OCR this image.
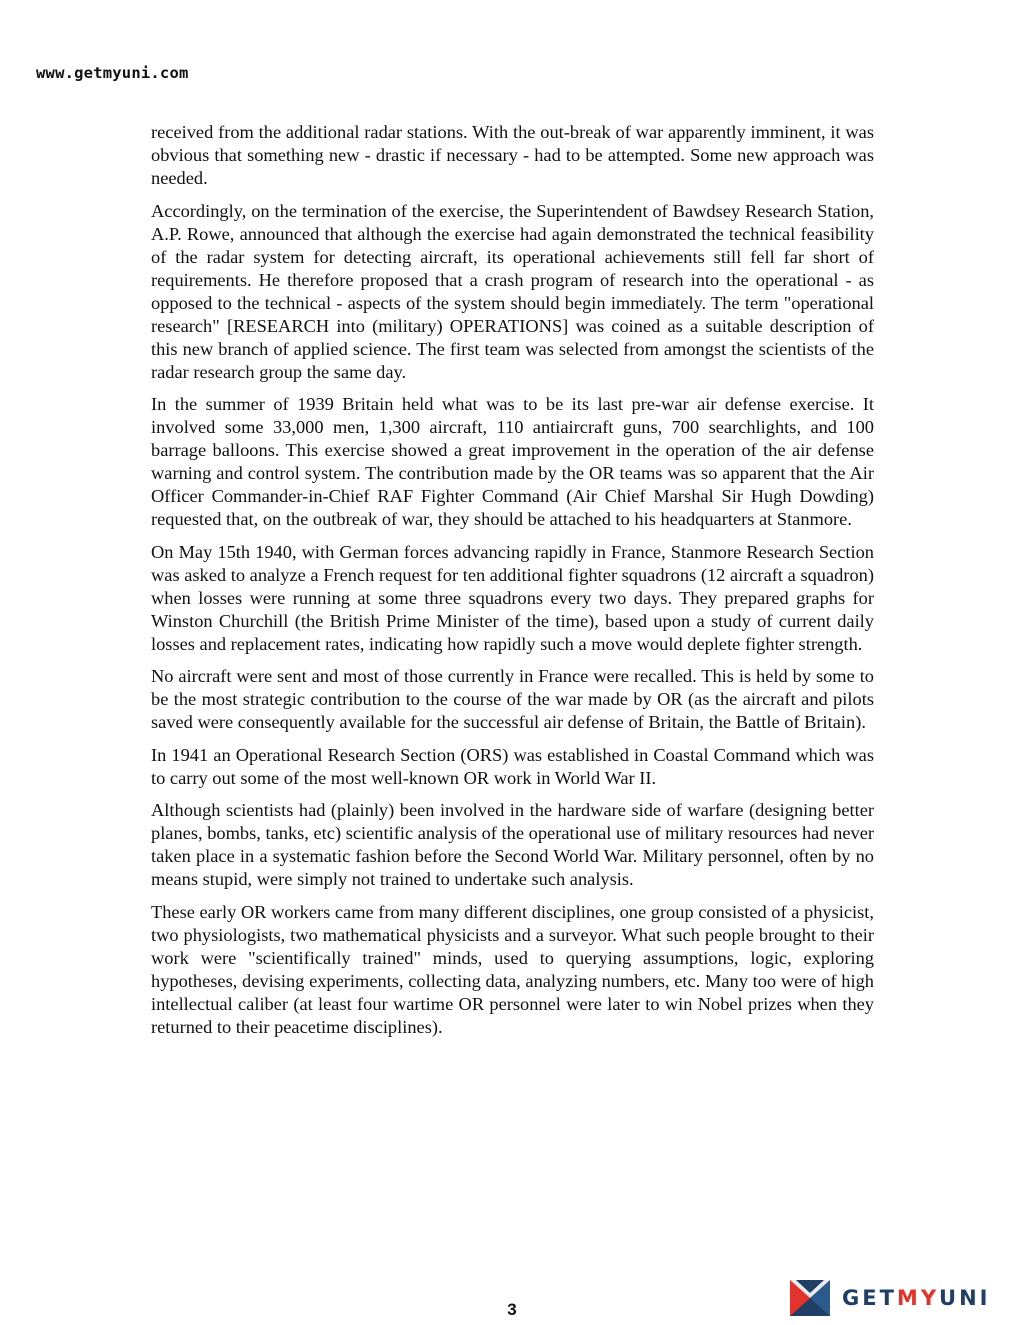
www.getmyuni.com

received from the additional radar stations. With the out-break of war apparently imminent, it was obvious that something new - drastic if necessary - had to be attempted. Some new approach was needed.

Accordingly, on the termination of the exercise, the Superintendent of Bawdsey Research Station, A.P. Rowe, announced that although the exercise had again demonstrated the technical feasibility of the radar system for detecting aircraft, its operational achievements still fell far short of requirements. He therefore proposed that a crash program of research into the operational - as opposed to the technical - aspects of the system should begin immediately. The term "operational research" [RESEARCH into (military) OPERATIONS] was coined as a suitable description of this new branch of applied science. The first team was selected from amongst the scientists of the radar research group the same day.

In the summer of 1939 Britain held what was to be its last pre-war air defense exercise. It involved some 33,000 men, 1,300 aircraft, 110 antiaircraft guns, 700 searchlights, and 100 barrage balloons. This exercise showed a great improvement in the operation of the air defense warning and control system. The contribution made by the OR teams was so apparent that the Air Officer Commander-in-Chief RAF Fighter Command (Air Chief Marshal Sir Hugh Dowding) requested that, on the outbreak of war, they should be attached to his headquarters at Stanmore.

On May 15th 1940, with German forces advancing rapidly in France, Stanmore Research Section was asked to analyze a French request for ten additional fighter squadrons (12 aircraft a squadron) when losses were running at some three squadrons every two days. They prepared graphs for Winston Churchill (the British Prime Minister of the time), based upon a study of current daily losses and replacement rates, indicating how rapidly such a move would deplete fighter strength.

No aircraft were sent and most of those currently in France were recalled. This is held by some to be the most strategic contribution to the course of the war made by OR (as the aircraft and pilots saved were consequently available for the successful air defense of Britain, the Battle of Britain).

In 1941 an Operational Research Section (ORS) was established in Coastal Command which was to carry out some of the most well-known OR work in World War II.

Although scientists had (plainly) been involved in the hardware side of warfare (designing better planes, bombs, tanks, etc) scientific analysis of the operational use of military resources had never taken place in a systematic fashion before the Second World War. Military personnel, often by no means stupid, were simply not trained to undertake such analysis.

These early OR workers came from many different disciplines, one group consisted of a physicist, two physiologists, two mathematical physicists and a surveyor. What such people brought to their work were "scientifically trained" minds, used to querying assumptions, logic, exploring hypotheses, devising experiments, collecting data, analyzing numbers, etc. Many too were of high intellectual caliber (at least four wartime OR personnel were later to win Nobel prizes when they returned to their peacetime disciplines).

3	GETMYUNI
